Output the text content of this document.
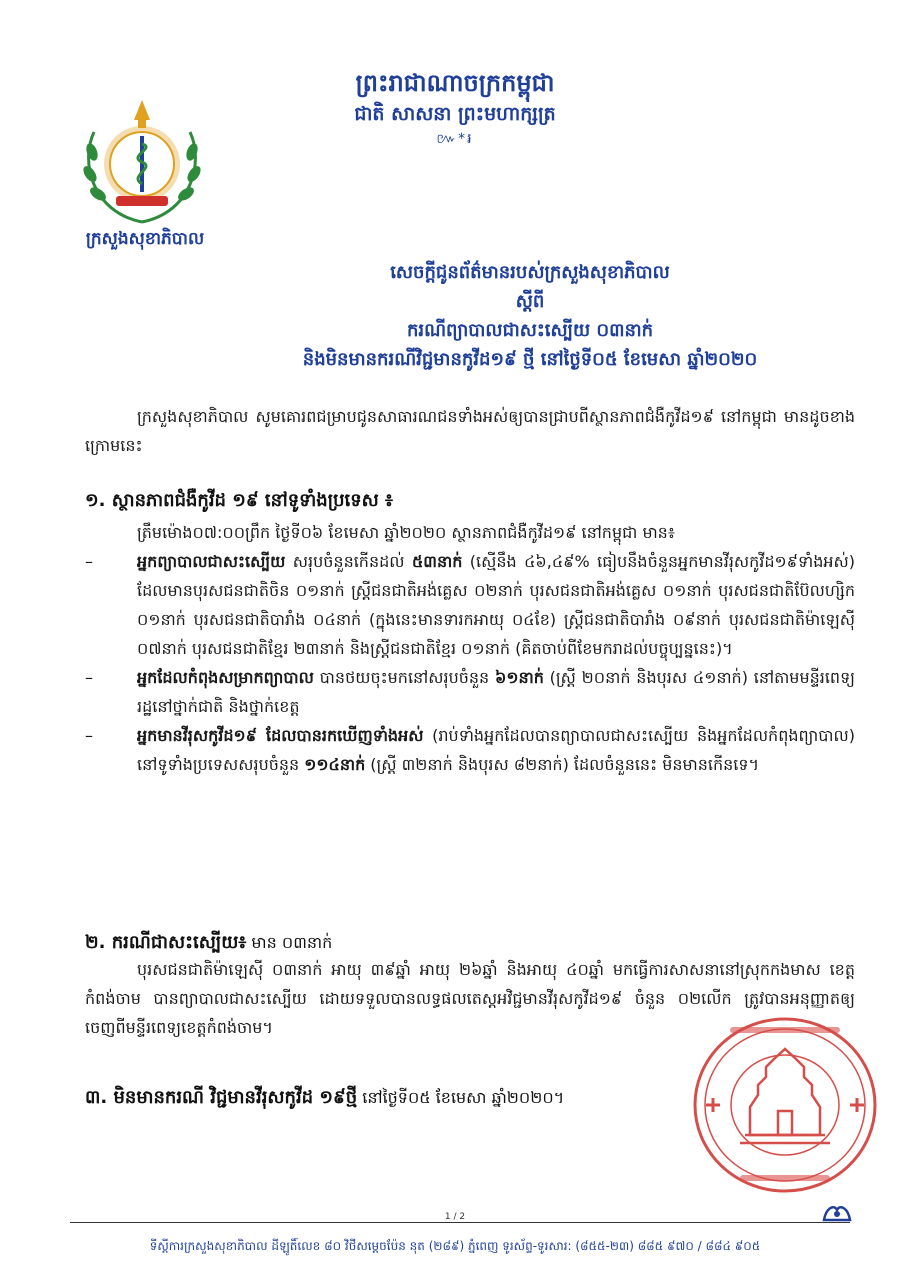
ក្រសួងសុខាភិបាល
ព្រះរាជាណាចក្រកម្ពុជា
ជាតិ សាសនា ព្រះមហាក្សត្រ
៚*៛
សេចក្តីជូនព័ត៌មានរបស់ក្រសួងសុខាភិបាល
ស្តីពី
ករណីព្យាបាលជាសះស្បើយ ០៣នាក់
និងមិនមានករណីវិជ្ជមានកូវីដ១៩ ថ្មី នៅថ្ងៃទី០៥ ខែមេសា ឆ្នាំ២០២០
ក្រសួងសុខាភិបាល សូមគោរពជម្រាបជូនសាធារណជនទាំងអស់ឲ្យបានជ្រាបពីស្ថានភាពជំងឺកូវីដ១៩ នៅកម្ពុជា មានដូចខាងក្រោមនេះ
១. ស្ថានភាពជំងឺកូវីដ ១៩ នៅទូទាំងប្រទេស ៖

ត្រឹមម៉ោង០៧:០០ព្រឹក ថ្ងៃទី០៦ ខែមេសា ឆ្នាំ២០២០ ស្ថានភាពជំងឺកូវីដ១៩ នៅកម្ពុជា មាន៖

–	អ្នកព្យាបាលជាសះស្បើយ សរុបចំនួនកើនដល់ ៥៣នាក់ (ស្មើនឹង ៤៦,៤៩% ធៀបនឹងចំនួនអ្នកមានវីរុសកូវីដ១៩ទាំងអស់) ដែលមានបុរសជនជាតិចិន ០១នាក់ ស្ត្រីជនជាតិអង់គ្លេស ០២នាក់ បុរសជនជាតិអង់គ្លេស ០១នាក់ បុរសជនជាតិប៊ែលហ្សិក ០១នាក់ បុរសជនជាតិបារាំង ០៤នាក់ (ក្នុងនេះមានទារកអាយុ ០៤ខែ) ស្ត្រីជនជាតិបារាំង ០៩នាក់ បុរសជនជាតិម៉ាឡេស៊ី ០៧នាក់ បុរសជនជាតិខ្មែរ ២៣នាក់ និងស្ត្រីជនជាតិខ្មែរ ០១នាក់ (គិតចាប់ពីខែមករាដល់បច្ចុប្បន្ននេះ)។
–	អ្នកដែលកំពុងសម្រាកព្យាបាល បានថយចុះមកនៅសរុបចំនួន ៦១នាក់ (ស្ត្រី ២០នាក់ និងបុរស ៤១នាក់) នៅតាមមន្ទីរពេទ្យរដ្ឋនៅថ្នាក់ជាតិ និងថ្នាក់ខេត្ត
–	អ្នកមានវីរុសកូវីដ១៩ ដែលបានរកឃើញទាំងអស់ (រាប់ទាំងអ្នកដែលបានព្យាបាលជាសះស្បើយ និងអ្នកដែលកំពុងព្យាបាល) នៅទូទាំងប្រទេសសរុបចំនួន ១១៤នាក់ (ស្ត្រី ៣២នាក់ និងបុរស ៨២នាក់) ដែលចំនួននេះ មិនមានកើនទេ។
២. ករណីជាសះស្បើយ៖ មាន ០៣នាក់
បុរសជនជាតិម៉ាឡេស៊ី ០៣នាក់ អាយុ ៣៩ឆ្នាំ អាយុ ២៦ឆ្នាំ និងអាយុ ៤០ឆ្នាំ មកធ្វើការសាសនានៅស្រុកកងមាស ខេត្តកំពង់ចាម បានព្យាបាលជាសះស្បើយ ដោយទទួលបានលទ្ធផលតេស្តអវិជ្ជមានវីរុសកូវីដ១៩ ចំនួន ០២លើក ត្រូវបានអនុញ្ញាតឲ្យចេញពីមន្ទីរពេទ្យខេត្តកំពង់ចាម។
៣. មិនមានករណី វិជ្ជមានវីរុសកូវីដ ១៩ថ្មី នៅថ្ងៃទី០៥ ខែមេសា ឆ្នាំ២០២០។
1 / 2
ទីស្តីការក្រសួងសុខាភិបាល ដីឡូតិ៍លេខ ៨០ វិថីសម្តេចប៉ែន នុត (២៨៩) ភ្នំពេញ ទូរស័ព្ទ-ទូរសារ: (៨៥៥-២៣) ៨៨៥ ៩៧០ / ៨៨៤ ៩០៥
